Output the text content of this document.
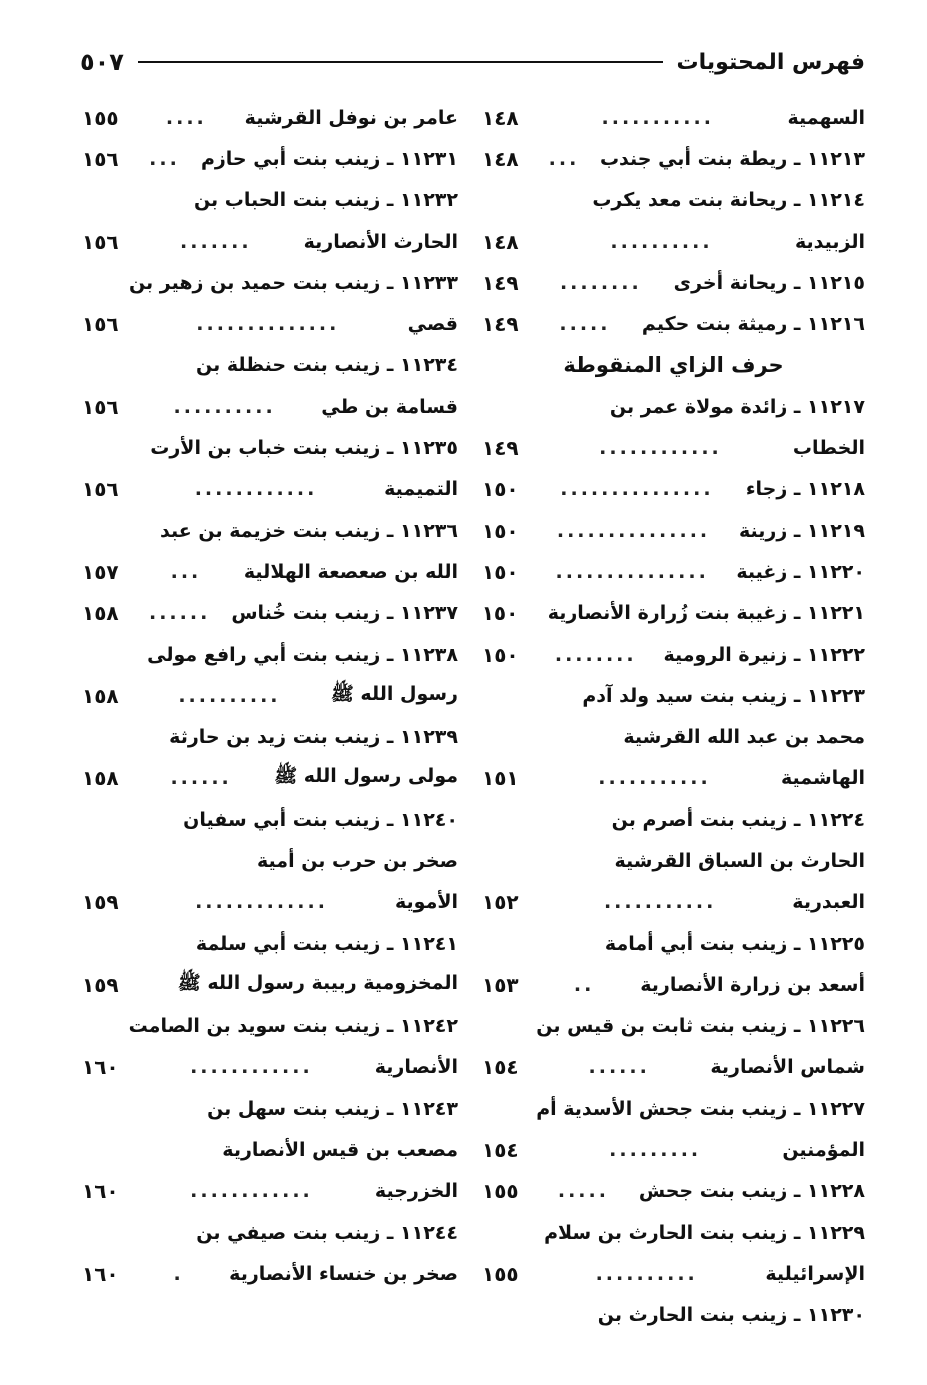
فهرس المحتويات
٥٠٧
السهمية
...........
١٤٨
١١٢١٣ ـ ريطة بنت أبي جندب
...
١٤٨
١١٢١٤ ـ ريحانة بنت معد يكرب
الزبيدية
..........
١٤٨
١١٢١٥ ـ ريحانة أخرى
........
١٤٩
١١٢١٦ ـ رميثة بنت حكيم
.....
١٤٩
حرف الزاي المنقوطة
١١٢١٧ ـ زائدة مولاة عمر بن
الخطاب
............
١٤٩
١١٢١٨ ـ زجاء
...............
١٥٠
١١٢١٩ ـ زرينة
...............
١٥٠
١١٢٢٠ ـ زغيبة
...............
١٥٠
١١٢٢١ ـ زغيبة بنت زُرارة الأنصارية
١٥٠
١١٢٢٢ ـ زنيرة الرومية
........
١٥٠
١١٢٢٣ ـ زينب بنت سيد ولد آدم
محمد بن عبد الله القرشية
الهاشمية
...........
١٥١
١١٢٢٤ ـ زينب بنت أصرم بن
الحارث بن السباق القرشية
العبدرية
...........
١٥٢
١١٢٢٥ ـ زينب بنت أبي أمامة
أسعد بن زرارة الأنصارية
..
١٥٣
١١٢٢٦ ـ زينب بنت ثابت بن قيس بن
شماس الأنصارية
......
١٥٤
١١٢٢٧ ـ زينب بنت جحش الأسدية أم
المؤمنين
.........
١٥٤
١١٢٢٨ ـ زينب بنت جحش
.....
١٥٥
١١٢٢٩ ـ زينب بنت الحارث بن سلام
الإسرائيلية
..........
١٥٥
١١٢٣٠ ـ زينب بنت الحارث بن
عامر بن نوفل القرشية
....
١٥٥
١١٢٣١ ـ زينب بنت أبي حازم
...
١٥٦
١١٢٣٢ ـ زينب بنت الحباب بن
الحارث الأنصارية
.......
١٥٦
١١٢٣٣ ـ زينب بنت حميد بن زهير بن
قصي
..............
١٥٦
١١٢٣٤ ـ زينب بنت حنظلة بن
قسامة بن طي
..........
١٥٦
١١٢٣٥ ـ زينب بنت خباب بن الأرت
التميمية
............
١٥٦
١١٢٣٦ ـ زينب بنت خزيمة بن عبد
الله بن صعصعة الهلالية
...
١٥٧
١١٢٣٧ ـ زينب بنت خُناس
......
١٥٨
١١٢٣٨ ـ زينب بنت أبي رافع مولى
رسول الله ﷺ
..........
١٥٨
١١٢٣٩ ـ زينب بنت زيد بن حارثة
مولى رسول الله ﷺ
......
١٥٨
١١٢٤٠ ـ زينب بنت أبي سفيان
صخر بن حرب بن أمية
الأموية
.............
١٥٩
١١٢٤١ ـ زينب بنت أبي سلمة
المخزومية ربيبة رسول الله ﷺ
١٥٩
١١٢٤٢ ـ زينب بنت سويد بن الصامت
الأنصارية
............
١٦٠
١١٢٤٣ ـ زينب بنت سهل بن
مصعب بن قيس الأنصارية
الخزرجية
............
١٦٠
١١٢٤٤ ـ زينب بنت صيفي بن
صخر بن خنساء الأنصارية
.
١٦٠
